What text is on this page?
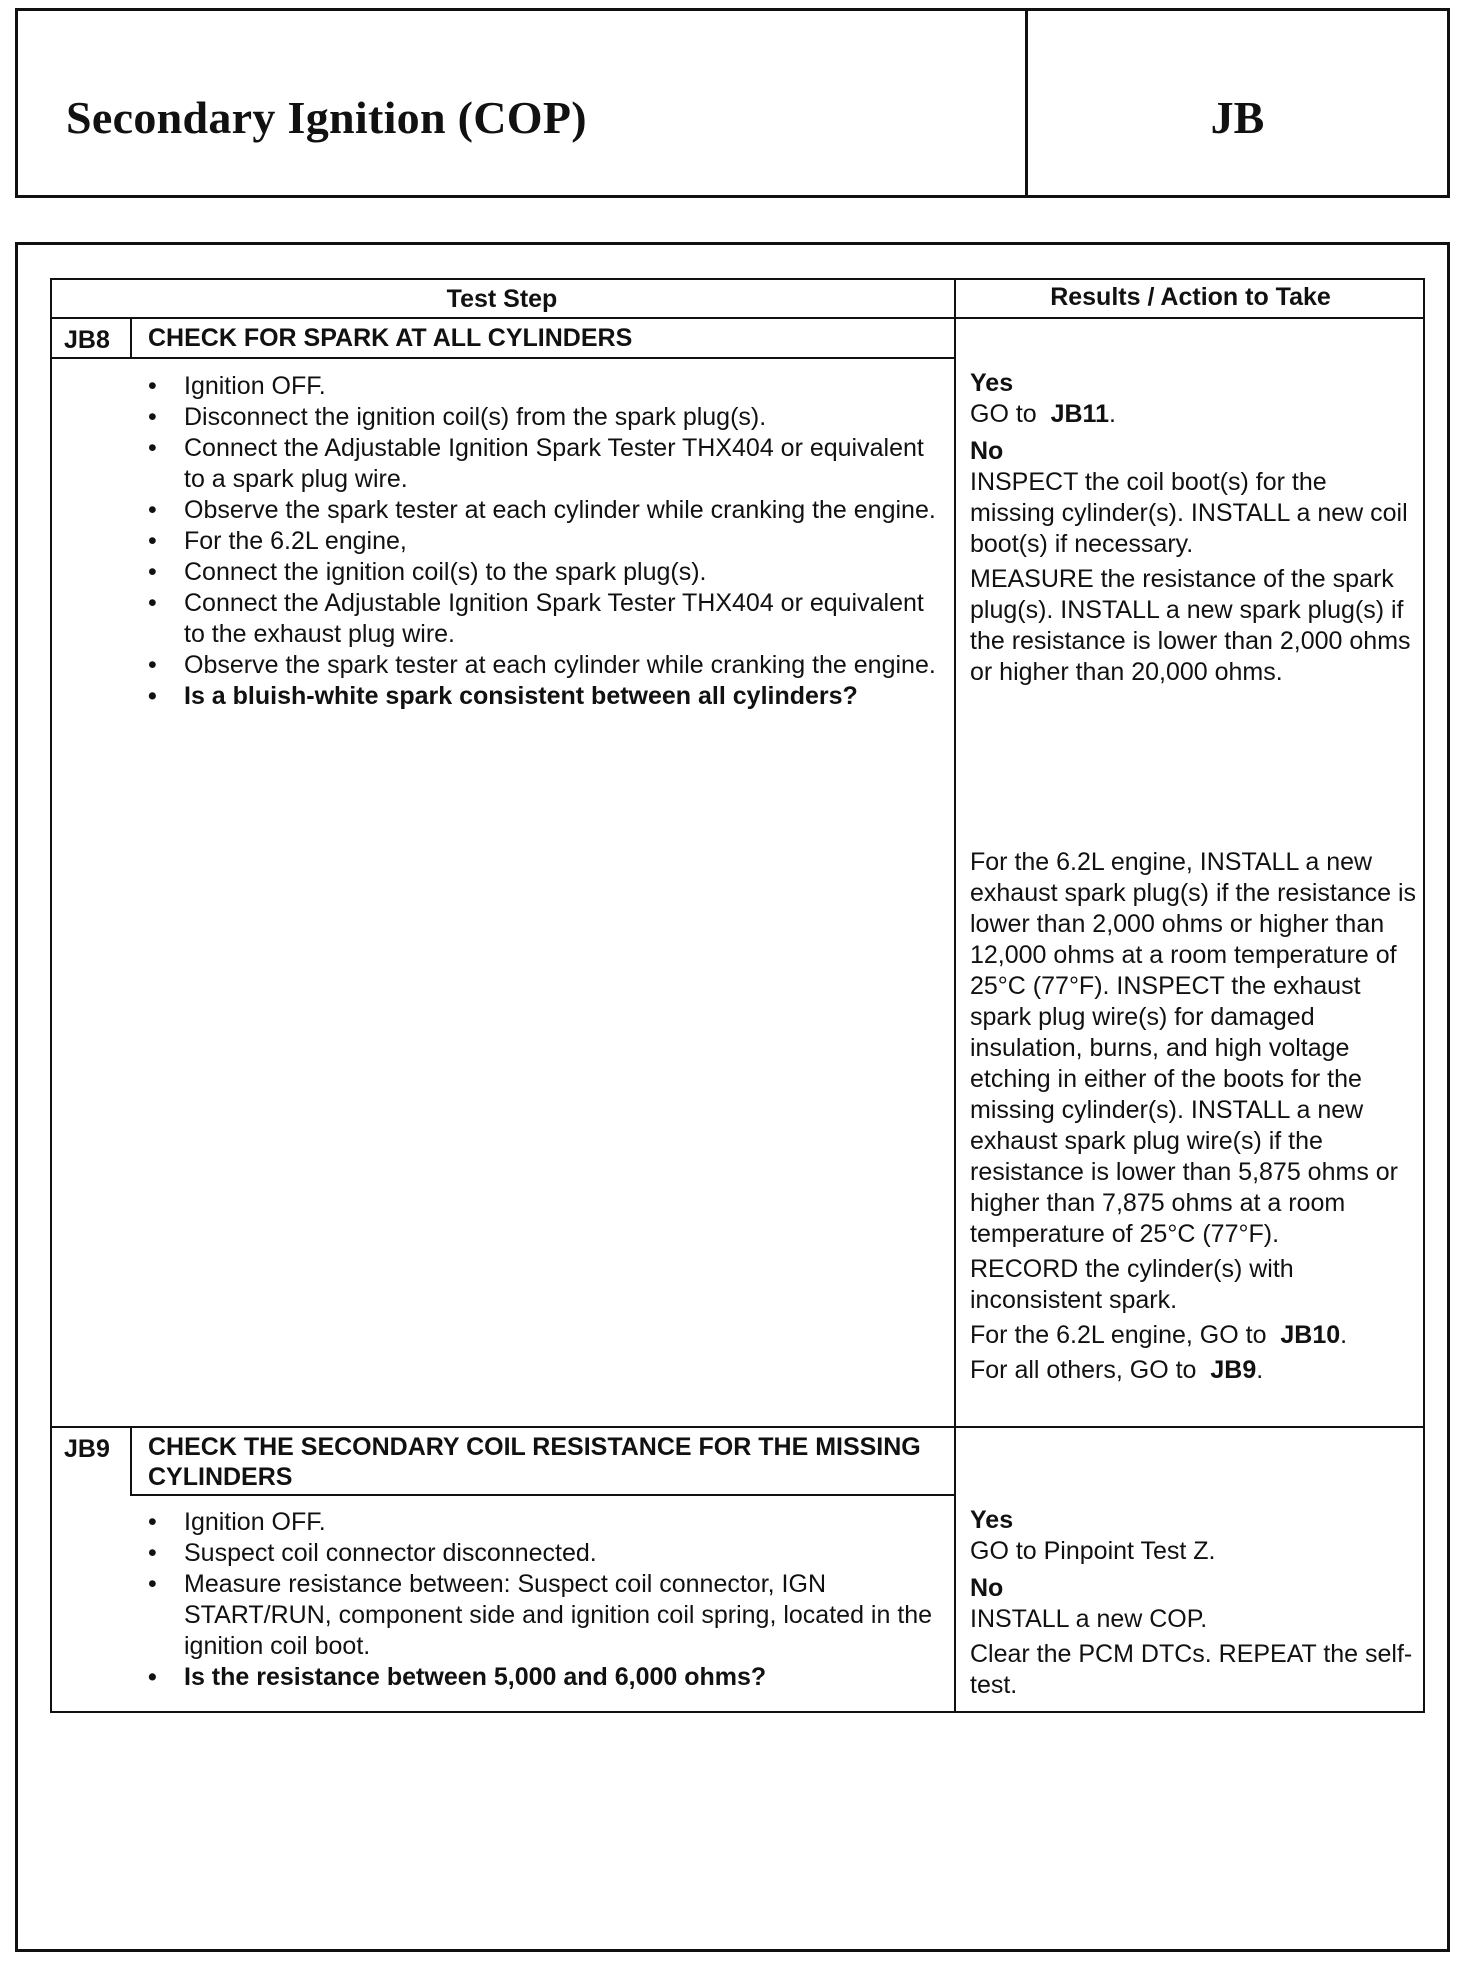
Secondary Ignition (COP)	JB
Test Step	Results / Action to Take
JB8 CHECK FOR SPARK AT ALL CYLINDERS
• Ignition OFF.
• Disconnect the ignition coil(s) from the spark plug(s).
• Connect the Adjustable Ignition Spark Tester THX404 or equivalent to a spark plug wire.
• Observe the spark tester at each cylinder while cranking the engine.
• For the 6.2L engine,
• Connect the ignition coil(s) to the spark plug(s).
• Connect the Adjustable Ignition Spark Tester THX404 or equivalent to the exhaust plug wire.
• Observe the spark tester at each cylinder while cranking the engine.
• Is a bluish-white spark consistent between all cylinders?

Yes

GO to JB11.

No

INSPECT the coil boot(s) for the missing cylinder(s). INSTALL a new coil boot(s) if necessary.

MEASURE the resistance of the spark plug(s). INSTALL a new spark plug(s) if the resistance is lower than 2,000 ohms or higher than 20,000 ohms.

For the 6.2L engine, INSTALL a new exhaust spark plug(s) if the resistance is lower than 2,000 ohms or higher than 12,000 ohms at a room temperature of 25°C (77°F). INSPECT the exhaust spark plug wire(s) for damaged insulation, burns, and high voltage etching in either of the boots for the missing cylinder(s). INSTALL a new exhaust spark plug wire(s) if the resistance is lower than 5,875 ohms or higher than 7,875 ohms at a room temperature of 25°C (77°F).

RECORD the cylinder(s) with inconsistent spark.

For the 6.2L engine, GO to JB10.

For all others, GO to JB9.

JB9 CHECK THE SECONDARY COIL RESISTANCE FOR THE MISSING CYLINDERS
• Ignition OFF.
• Suspect coil connector disconnected.
• Measure resistance between: Suspect coil connector, IGN START/RUN, component side and ignition coil spring, located in the ignition coil boot.
• Is the resistance between 5,000 and 6,000 ohms?

Yes

GO to Pinpoint Test Z.

No

INSTALL a new COP.

Clear the PCM DTCs. REPEAT the self-test.
